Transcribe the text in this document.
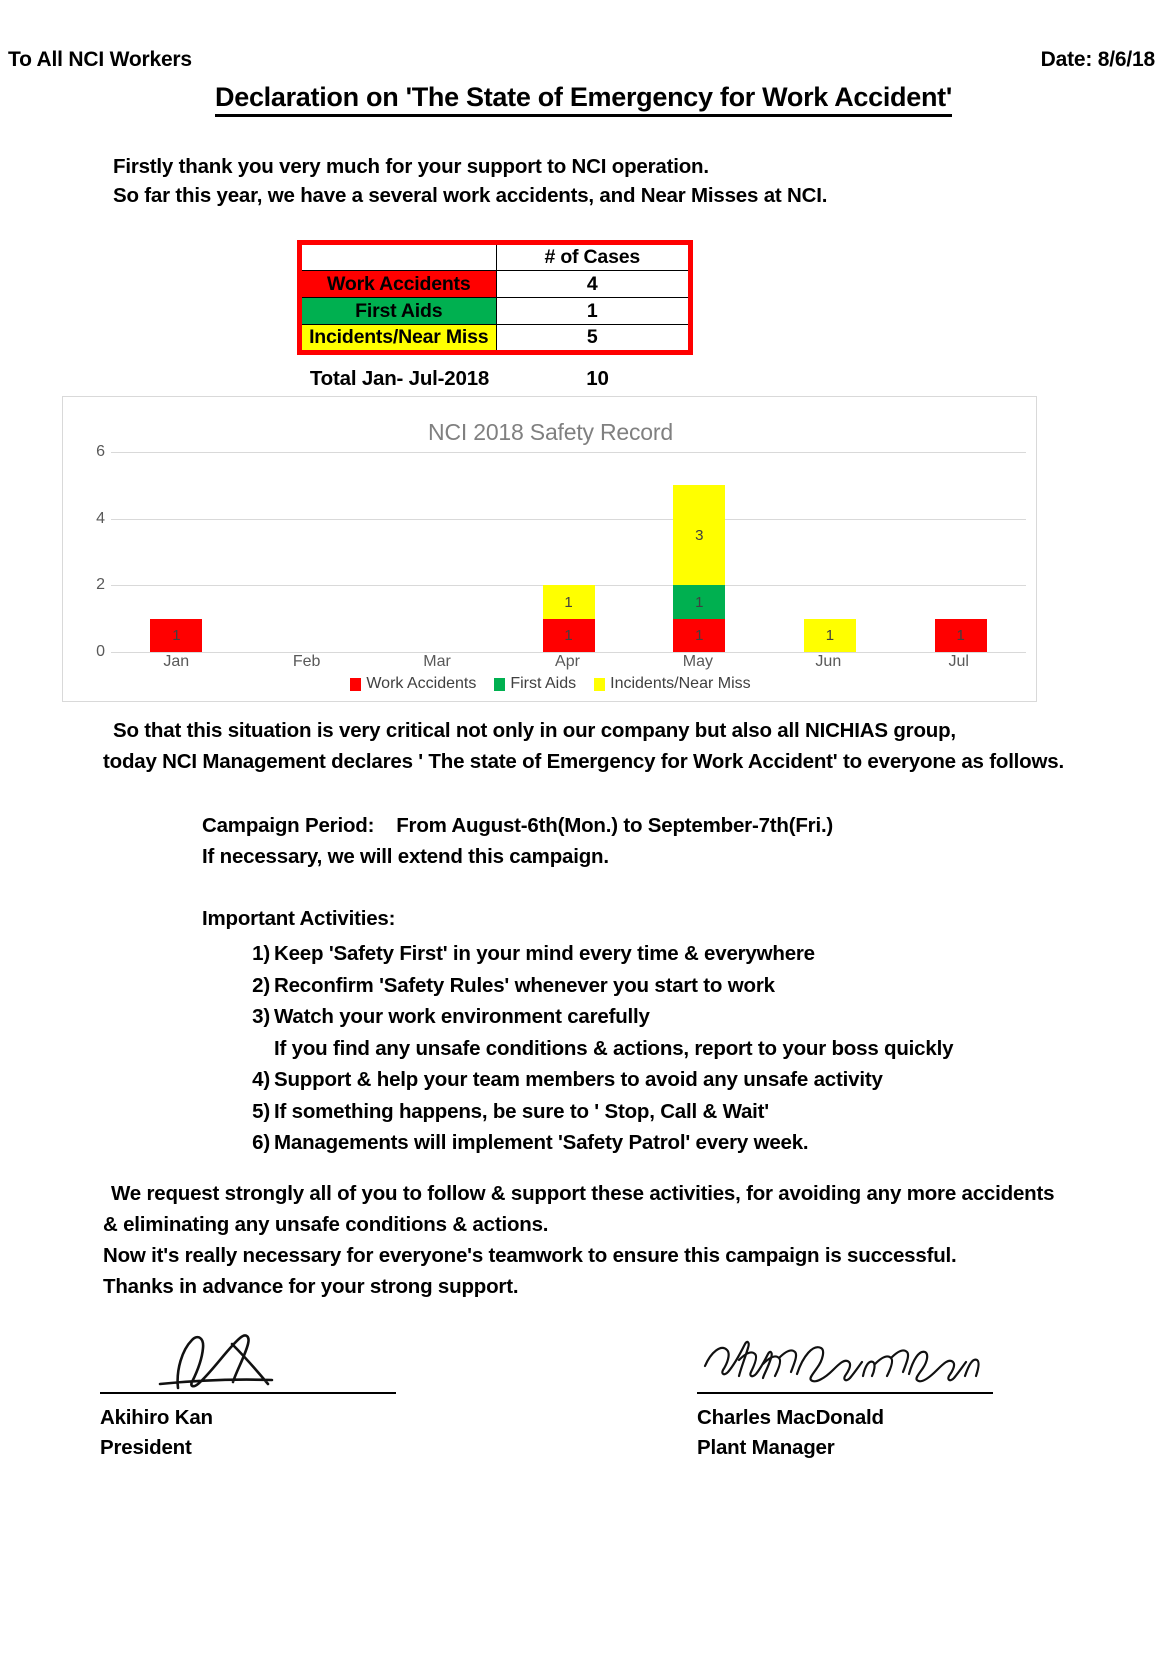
To All NCI Workers	Date: 8/6/18
Declaration on 'The State of Emergency for Work Accident'
Firstly thank you very much for your support to NCI operation.
So far this year, we have a several work accidents, and Near Misses at NCI.
	# of Cases
Work Accidents	4
First Aids	1
Incidents/Near Miss	5
Total Jan- Jul-2018	10
NCI 2018 Safety Record
0
2
4
6
1	1
1
1
1
3
1	1
Jan	Feb	Mar	Apr	May	Jun	Jul
Work Accidents First Aids Incidents/Near Miss
So that this situation is very critical not only in our company but also all NICHIAS group,
today NCI Management declares ' The state of Emergency for Work Accident' to everyone as follows.
Campaign Period: From August-6th(Mon.) to September-7th(Fri.)
If necessary, we will extend this campaign.
Important Activities:
1) Keep 'Safety First' in your mind every time & everywhere
2) Reconfirm 'Safety Rules' whenever you start to work
3) Watch your work environment carefully
If you find any unsafe conditions & actions, report to your boss quickly
4) Support & help your team members to avoid any unsafe activity
5) If something happens, be sure to ' Stop, Call & Wait'
6) Managements will implement 'Safety Patrol' every week.
We request strongly all of you to follow & support these activities, for avoiding any more accidents
& eliminating any unsafe conditions & actions.
Now it's really necessary for everyone's teamwork to ensure this campaign is successful.
Thanks in advance for your strong support.
Akihiro Kan
President
Charles MacDonald
Plant Manager
